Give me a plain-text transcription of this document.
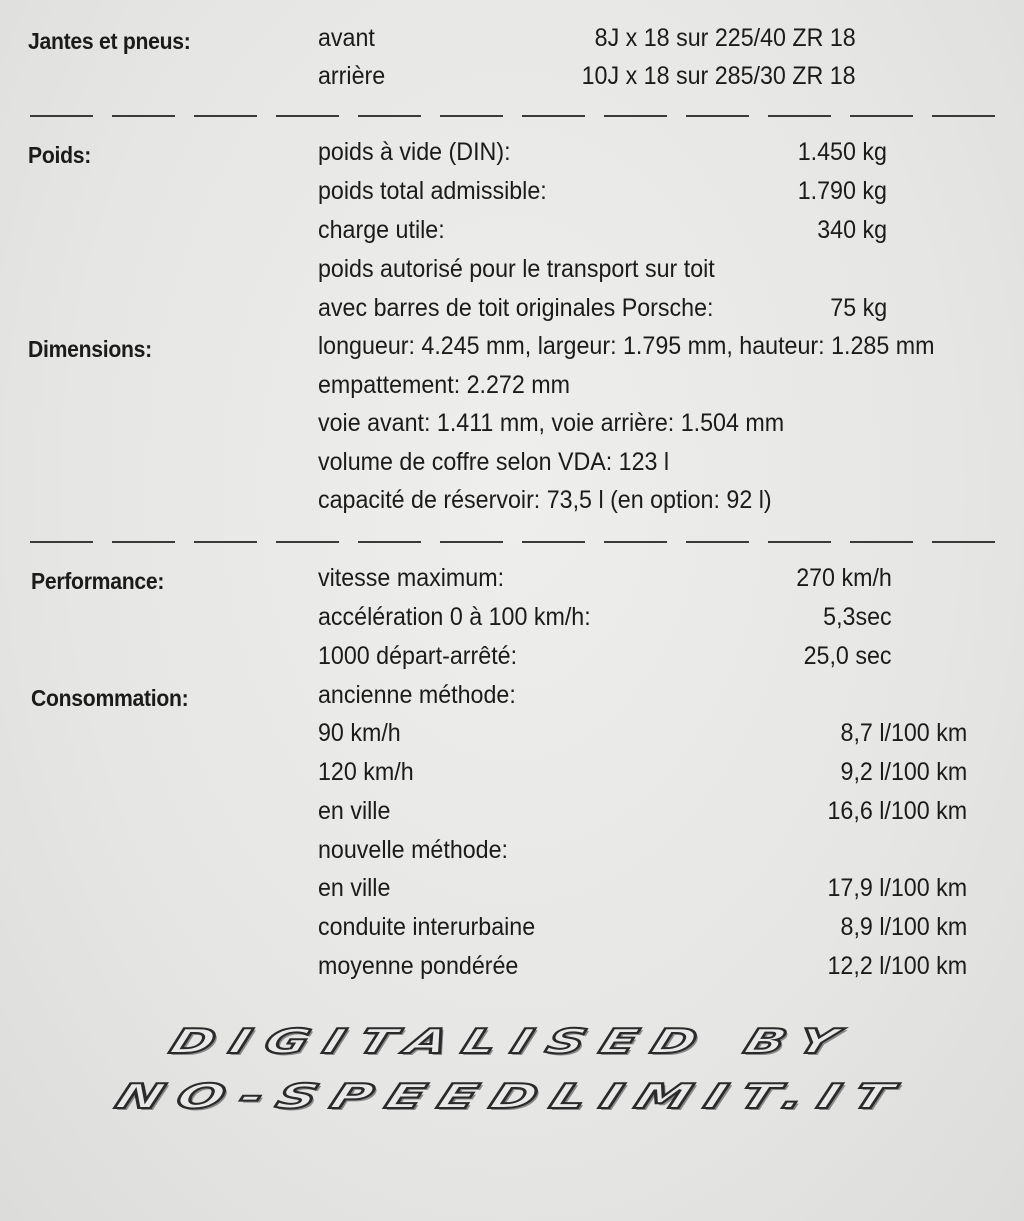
Jantes et pneus:	avant	8J x 18 sur 225/40 ZR 18
arrière	10J x 18 sur 285/30 ZR 18
Poids:	poids à vide (DIN):	1.450 kg
poids total admissible:	1.790 kg
charge utile:	340 kg
poids autorisé pour le transport sur toit
avec barres de toit originales Porsche:	75 kg
Dimensions:	longueur: 4.245 mm, largeur: 1.795 mm, hauteur: 1.285 mm
empattement: 2.272 mm
voie avant: 1.411 mm, voie arrière: 1.504 mm
volume de coffre selon VDA: 123 l
capacité de réservoir: 73,5 l (en option: 92 l)
Performance:	vitesse maximum:	270 km/h
accélération 0 à 100 km/h:	5,3sec
1000 départ-arrêté:	25,0 sec
Consommation:	ancienne méthode:
90 km/h	8,7 l/100 km
120 km/h	9,2 l/100 km
en ville	16,6 l/100 km
nouvelle méthode:
en ville	17,9 l/100 km
conduite interurbaine	8,9 l/100 km
moyenne pondérée	12,2 l/100 km
DIGITALISED BY
NO-SPEEDLIMIT.IT
